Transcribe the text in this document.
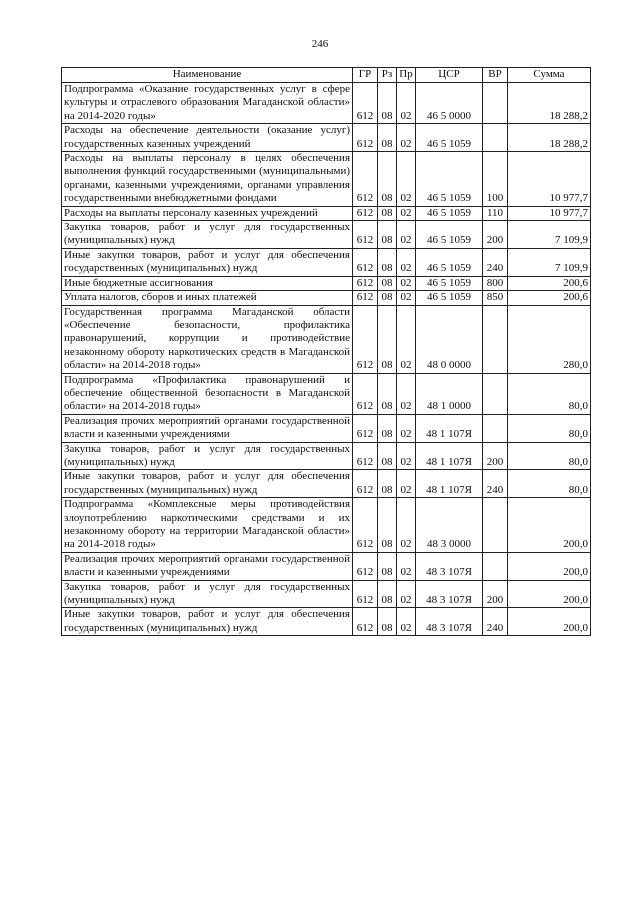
246
Наименование	ГР	Рз	Пр	ЦСР	ВР	Сумма
Подпрограмма «Оказание государственных услуг в сфере культуры и отраслевого образования Магаданской области» на 2014-2020 годы»	612	08	02	46 5 0000		18 288,2
Расходы на обеспечение деятельности (оказание услуг) государственных казенных учреждений	612	08	02	46 5 1059		18 288,2
Расходы на выплаты персоналу в целях обеспечения выполнения функций государственными (муниципальными) органами, казенными учреждениями, органами управления государственными внебюджетными фондами	612	08	02	46 5 1059	100	10 977,7
Расходы на выплаты персоналу казенных учреждений	612	08	02	46 5 1059	110	10 977,7
Закупка товаров, работ и услуг для государственных (муниципальных) нужд	612	08	02	46 5 1059	200	7 109,9
Иные закупки товаров, работ и услуг для обеспечения государственных (муниципальных) нужд	612	08	02	46 5 1059	240	7 109,9
Иные бюджетные ассигнования	612	08	02	46 5 1059	800	200,6
Уплата налогов, сборов и иных платежей	612	08	02	46 5 1059	850	200,6
Государственная программа Магаданской области «Обеспечение безопасности, профилактика правонарушений, коррупции и противодействие незаконному обороту наркотических средств в Магаданской области» на 2014-2018 годы»	612	08	02	48 0 0000		280,0
Подпрограмма «Профилактика правонарушений и обеспечение общественной безопасности в Магаданской области» на 2014-2018 годы»	612	08	02	48 1 0000		80,0
Реализация прочих мероприятий органами государственной власти и казенными учреждениями	612	08	02	48 1 107Я		80,0
Закупка товаров, работ и услуг для государственных (муниципальных) нужд	612	08	02	48 1 107Я	200	80,0
Иные закупки товаров, работ и услуг для обеспечения государственных (муниципальных) нужд	612	08	02	48 1 107Я	240	80,0
Подпрограмма «Комплексные меры противодействия злоупотреблению наркотическими средствами и их незаконному обороту на территории Магаданской области» на 2014-2018 годы»	612	08	02	48 3 0000		200,0
Реализация прочих мероприятий органами государственной власти и казенными учреждениями	612	08	02	48 3 107Я		200,0
Закупка товаров, работ и услуг для государственных (муниципальных) нужд	612	08	02	48 3 107Я	200	200,0
Иные закупки товаров, работ и услуг для обеспечения государственных (муниципальных) нужд	612	08	02	48 3 107Я	240	200,0
